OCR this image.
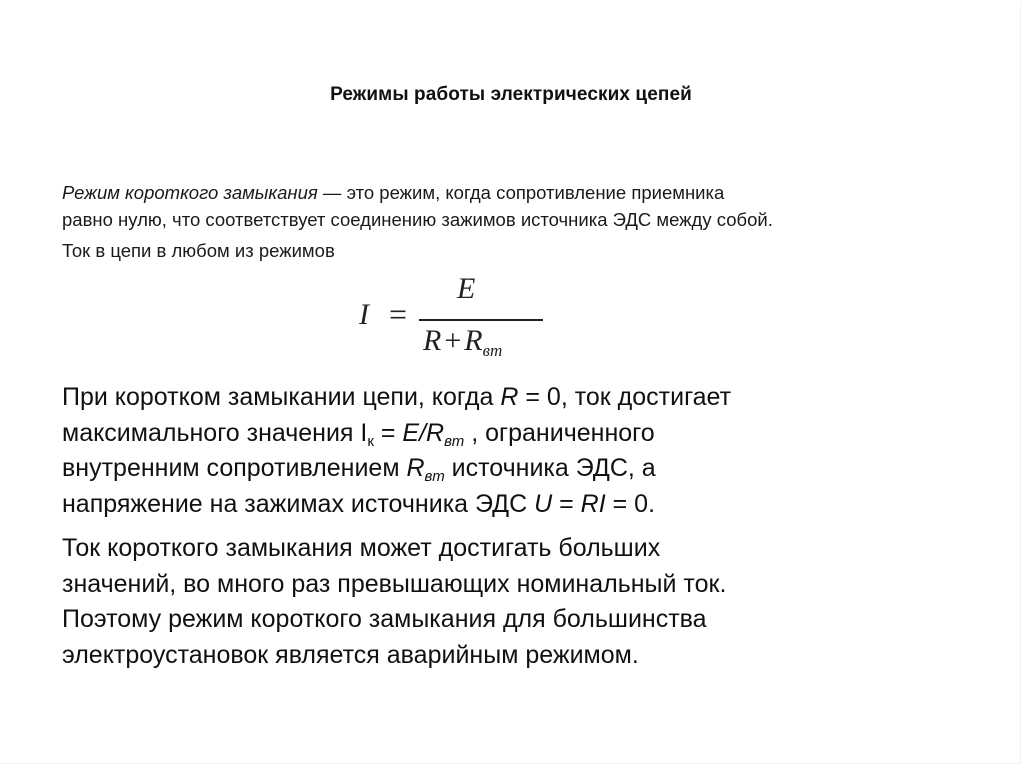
Режимы работы электрических цепей

Режим короткого замыкания — это режим, когда сопротивление приемника

равно нулю, что соответствует соединению зажимов источника ЭДС между собой.

Ток в цепи в любом из режимов

I =
E
$R + R_{вт}$

При коротком замыкании цепи, когда R = 0, ток достигает
максимального значения $I_к = E/R_{вт}$ , ограниченного
внутренним сопротивлением $R_{вт}$ источника ЭДС, а
напряжение на зажимах источника ЭДС U = RI = 0.

Ток короткого замыкания может достигать больших
значений, во много раз превышающих номинальный ток.
Поэтому режим короткого замыкания для большинства
электроустановок является аварийным режимом.
